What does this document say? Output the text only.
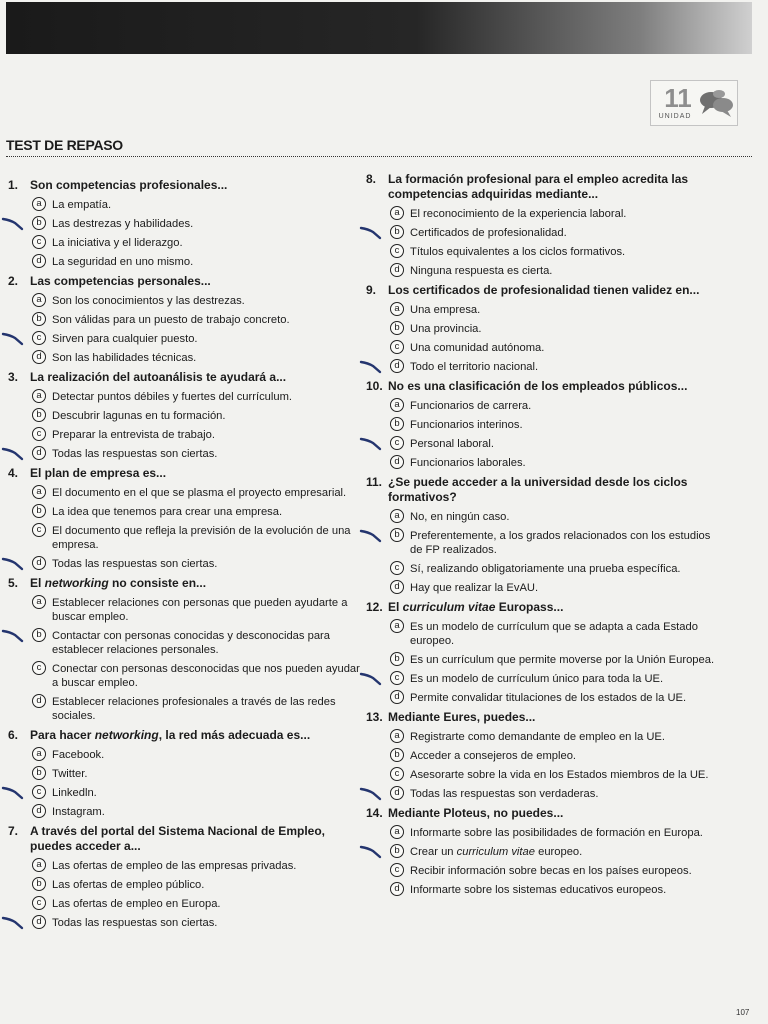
11
UNIDAD
TEST DE REPASO
1. Son competencias profesionales...
a La empatía.
b Las destrezas y habilidades.
c La iniciativa y el liderazgo.
d La seguridad en uno mismo.
2. Las competencias personales...
a Son los conocimientos y las destrezas.
b Son válidas para un puesto de trabajo concreto.
c Sirven para cualquier puesto.
d Son las habilidades técnicas.
3. La realización del autoanálisis te ayudará a...
a Detectar puntos débiles y fuertes del currículum.
b Descubrir lagunas en tu formación.
c Preparar la entrevista de trabajo.
d Todas las respuestas son ciertas.
4. El plan de empresa es...
a El documento en el que se plasma el proyecto empresarial.
b La idea que tenemos para crear una empresa.
c El documento que refleja la previsión de la evolución de una empresa.
d Todas las respuestas son ciertas.
5. El networking no consiste en...
a Establecer relaciones con personas que pueden ayudarte a buscar empleo.
b Contactar con personas conocidas y desconocidas para establecer relaciones personales.
c Conectar con personas desconocidas que nos pueden ayudar a buscar empleo.
d Establecer relaciones profesionales a través de las redes sociales.
6. Para hacer networking, la red más adecuada es...
a Facebook.
b Twitter.
c Linkedln.
d Instagram.
7. A través del portal del Sistema Nacional de Empleo, puedes acceder a...
a Las ofertas de empleo de las empresas privadas.
b Las ofertas de empleo público.
c Las ofertas de empleo en Europa.
d Todas las respuestas son ciertas.
8. La formación profesional para el empleo acredita las competencias adquiridas mediante...
a El reconocimiento de la experiencia laboral.
b Certificados de profesionalidad.
c Títulos equivalentes a los ciclos formativos.
d Ninguna respuesta es cierta.
9. Los certificados de profesionalidad tienen validez en...
a Una empresa.
b Una provincia.
c Una comunidad autónoma.
d Todo el territorio nacional.
10. No es una clasificación de los empleados públicos...
a Funcionarios de carrera.
b Funcionarios interinos.
c Personal laboral.
d Funcionarios laborales.
11. ¿Se puede acceder a la universidad desde los ciclos formativos?
a No, en ningún caso.
b Preferentemente, a los grados relacionados con los estudios de FP realizados.
c Sí, realizando obligatoriamente una prueba específica.
d Hay que realizar la EvAU.
12. El curriculum vitae Europass...
a Es un modelo de currículum que se adapta a cada Estado europeo.
b Es un currículum que permite moverse por la Unión Europea.
c Es un modelo de currículum único para toda la UE.
d Permite convalidar titulaciones de los estados de la UE.
13. Mediante Eures, puedes...
a Registrarte como demandante de empleo en la UE.
b Acceder a consejeros de empleo.
c Asesorarte sobre la vida en los Estados miembros de la UE.
d Todas las respuestas son verdaderas.
14. Mediante Ploteus, no puedes...
a Informarte sobre las posibilidades de formación en Europa.
b Crear un curriculum vitae europeo.
c Recibir información sobre becas en los países europeos.
d Informarte sobre los sistemas educativos europeos.
107
